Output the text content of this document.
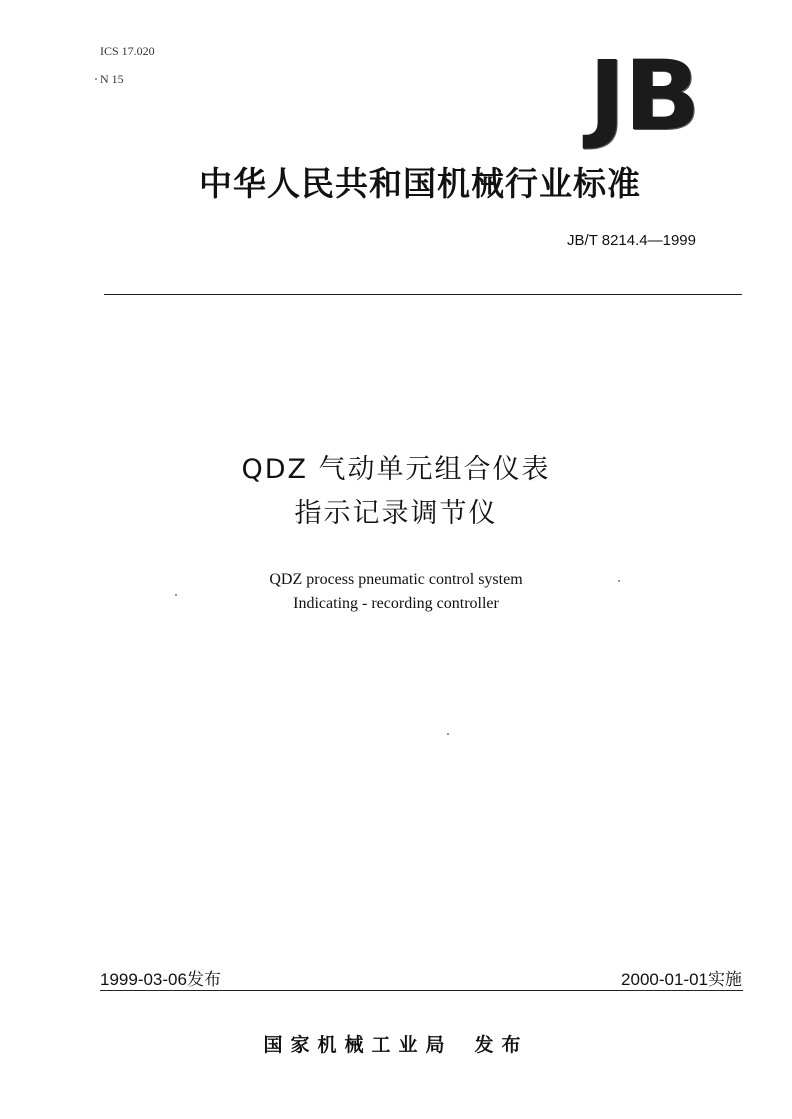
ICS 17.020
N 15	JB
中华人民共和国机械行业标准
JB/T 8214.4—1999
QDZ 气动单元组合仪表
指示记录调节仪
QDZ process pneumatic control system
Indicating - recording controller
1999-03-06发布	2000-01-01实施
国家机械工业局 发布
